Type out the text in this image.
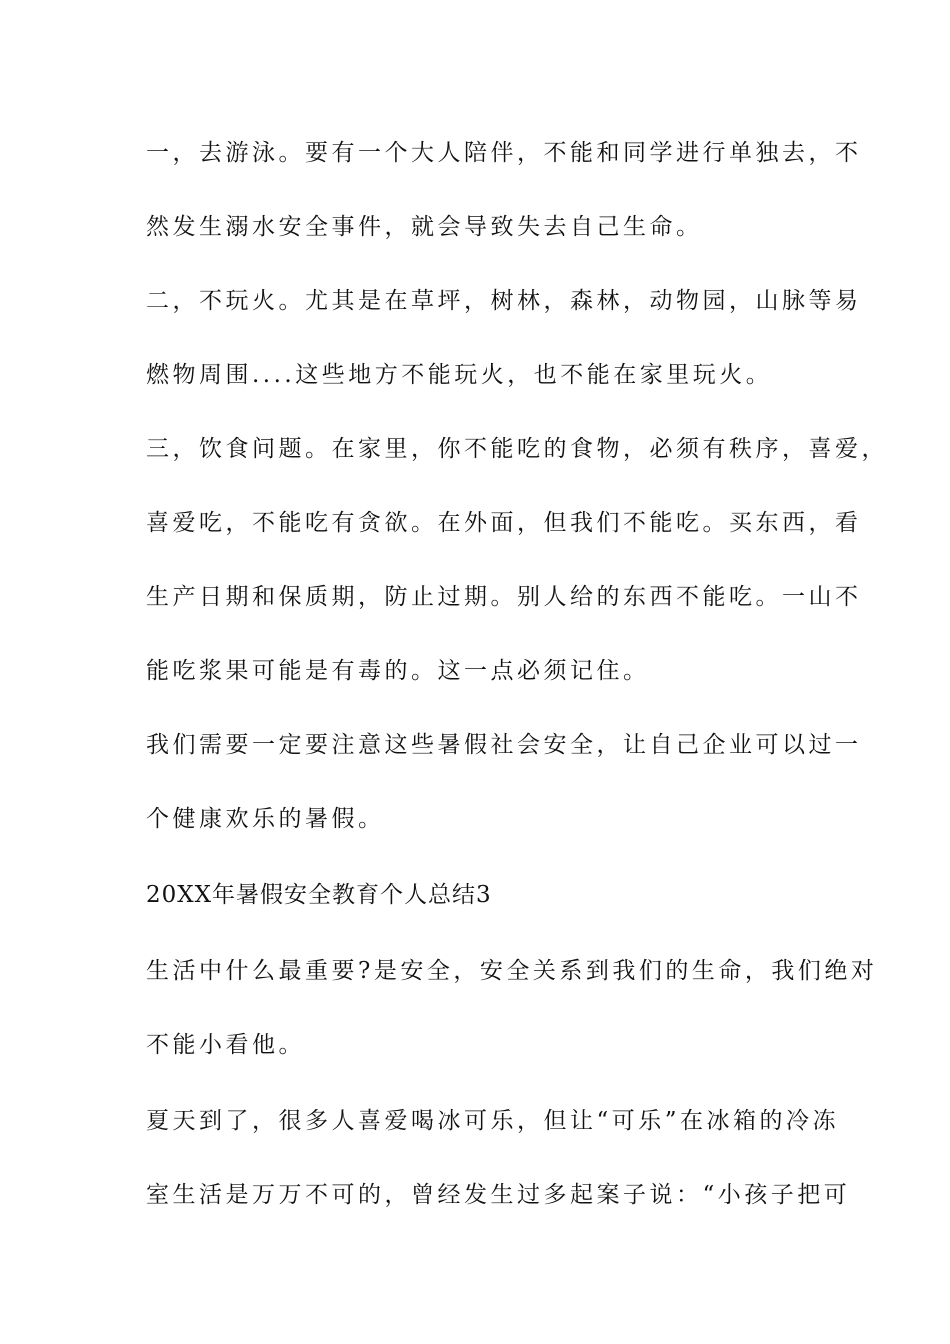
一，去游泳。要有一个大人陪伴，不能和同学进行单独去，不
然发生溺水安全事件，就会导致失去自己生命。
二，不玩火。尤其是在草坪，树林，森林，动物园，山脉等易
燃物周围....这些地方不能玩火，也不能在家里玩火。
三，饮食问题。在家里，你不能吃的食物，必须有秩序，喜爱，
喜爱吃，不能吃有贪欲。在外面，但我们不能吃。买东西，看
生产日期和保质期，防止过期。别人给的东西不能吃。一山不
能吃浆果可能是有毒的。这一点必须记住。
我们需要一定要注意这些暑假社会安全，让自己企业可以过一
个健康欢乐的暑假。
20XX年暑假安全教育个人总结3
生活中什么最重要?是安全，安全关系到我们的生命，我们绝对
不能小看他。
夏天到了，很多人喜爱喝冰可乐，但让“可乐”在冰箱的冷冻
室生活是万万不可的，曾经发生过多起案子说：“小孩子把可
